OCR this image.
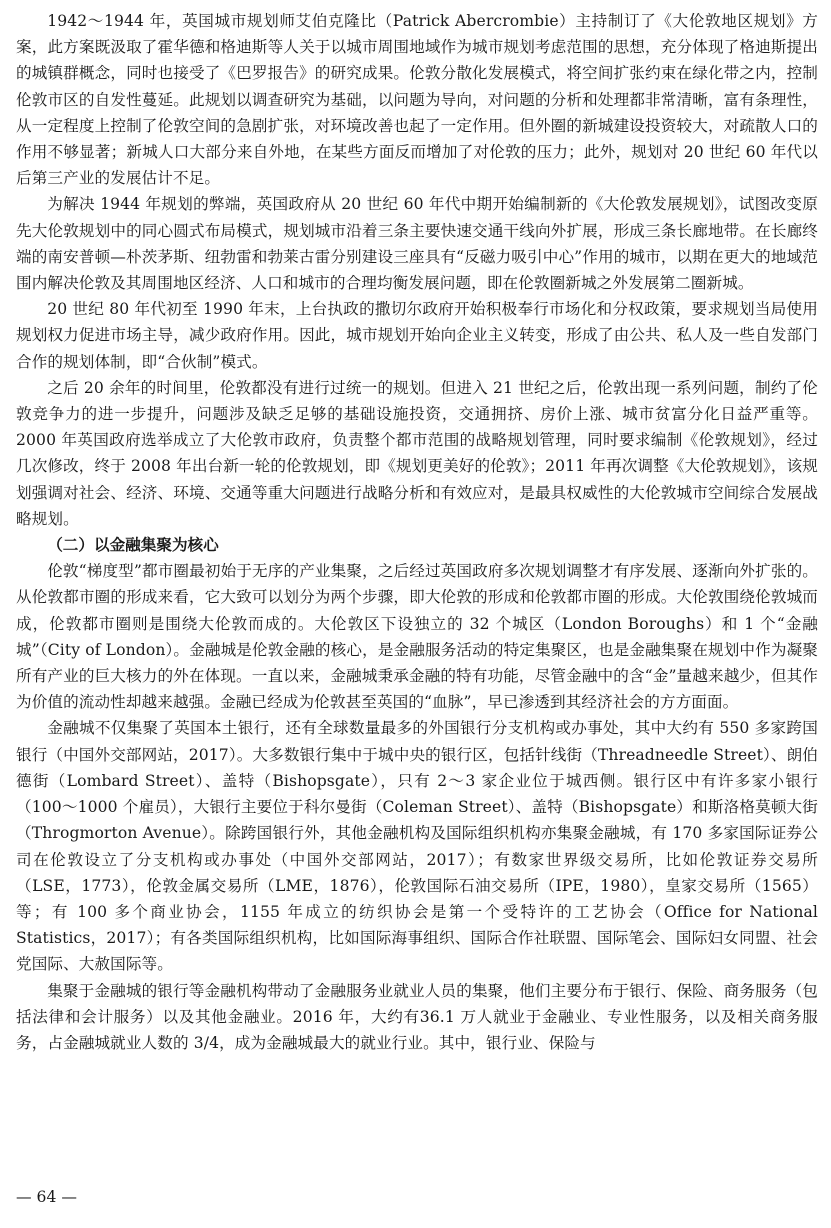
1942～1944 年，英国城市规划师艾伯克隆比（Patrick Abercrombie）主持制订了《大伦敦地区规划》方案，此方案既汲取了霍华德和格迪斯等人关于以城市周围地域作为城市规划考虑范围的思想，充分体现了格迪斯提出的城镇群概念，同时也接受了《巴罗报告》的研究成果。伦敦分散化发展模式，将空间扩张约束在绿化带之内，控制伦敦市区的自发性蔓延。此规划以调查研究为基础，以问题为导向，对问题的分析和处理都非常清晰，富有条理性，从一定程度上控制了伦敦空间的急剧扩张，对环境改善也起了一定作用。但外圈的新城建设投资较大，对疏散人口的作用不够显著；新城人口大部分来自外地，在某些方面反而增加了对伦敦的压力；此外，规划对 20 世纪 60 年代以后第三产业的发展估计不足。

为解决 1944 年规划的弊端，英国政府从 20 世纪 60 年代中期开始编制新的《大伦敦发展规划》，试图改变原先大伦敦规划中的同心圆式布局模式，规划城市沿着三条主要快速交通干线向外扩展，形成三条长廊地带。在长廊终端的南安普顿—朴茨茅斯、纽勃雷和勃莱古雷分别建设三座具有“反磁力吸引中心”作用的城市，以期在更大的地域范围内解决伦敦及其周围地区经济、人口和城市的合理均衡发展问题，即在伦敦圈新城之外发展第二圈新城。

20 世纪 80 年代初至 1990 年末，上台执政的撒切尔政府开始积极奉行市场化和分权政策，要求规划当局使用规划权力促进市场主导，减少政府作用。因此，城市规划开始向企业主义转变，形成了由公共、私人及一些自发部门合作的规划体制，即“合伙制”模式。

之后 20 余年的时间里，伦敦都没有进行过统一的规划。但进入 21 世纪之后，伦敦出现一系列问题，制约了伦敦竞争力的进一步提升，问题涉及缺乏足够的基础设施投资，交通拥挤、房价上涨、城市贫富分化日益严重等。2000 年英国政府选举成立了大伦敦市政府，负责整个都市范围的战略规划管理，同时要求编制《伦敦规划》，经过几次修改，终于 2008 年出台新一轮的伦敦规划，即《规划更美好的伦敦》；2011 年再次调整《大伦敦规划》，该规划强调对社会、经济、环境、交通等重大问题进行战略分析和有效应对，是最具权威性的大伦敦城市空间综合发展战略规划。

（二）以金融集聚为核心

伦敦“梯度型”都市圈最初始于无序的产业集聚，之后经过英国政府多次规划调整才有序发展、逐渐向外扩张的。从伦敦都市圈的形成来看，它大致可以划分为两个步骤，即大伦敦的形成和伦敦都市圈的形成。大伦敦围绕伦敦城而成，伦敦都市圈则是围绕大伦敦而成的。大伦敦区下设独立的 32 个城区（London Boroughs）和 1 个“金融城”（City of London）。金融城是伦敦金融的核心，是金融服务活动的特定集聚区，也是金融集聚在规划中作为凝聚所有产业的巨大核力的外在体现。一直以来，金融城秉承金融的特有功能，尽管金融中的含“金”量越来越少，但其作为价值的流动性却越来越强。金融已经成为伦敦甚至英国的“血脉”，早已渗透到其经济社会的方方面面。

金融城不仅集聚了英国本土银行，还有全球数量最多的外国银行分支机构或办事处，其中大约有 550 多家跨国银行（中国外交部网站，2017）。大多数银行集中于城中央的银行区，包括针线街（Threadneedle Street）、朗伯德街（Lombard Street）、盖特（Bishopsgate），只有 2～3 家企业位于城西侧。银行区中有许多家小银行（100～1000 个雇员），大银行主要位于科尔曼街（Coleman Street）、盖特（Bishopsgate）和斯洛格莫顿大街（Throgmorton Avenue）。除跨国银行外，其他金融机构及国际组织机构亦集聚金融城，有 170 多家国际证券公司在伦敦设立了分支机构或办事处（中国外交部网站，2017）；有数家世界级交易所，比如伦敦证券交易所（LSE，1773），伦敦金属交易所（LME，1876），伦敦国际石油交易所（IPE，1980），皇家交易所（1565）等；有 100 多个商业协会，1155 年成立的纺织协会是第一个受特许的工艺协会（Office for National Statistics，2017）；有各类国际组织机构，比如国际海事组织、国际合作社联盟、国际笔会、国际妇女同盟、社会党国际、大赦国际等。

集聚于金融城的银行等金融机构带动了金融服务业就业人员的集聚，他们主要分布于银行、保险、商务服务（包括法律和会计服务）以及其他金融业。2016 年，大约有36.1 万人就业于金融业、专业性服务，以及相关商务服务，占金融城就业人数的 3/4，成为金融城最大的就业行业。其中，银行业、保险与

— 64 —
